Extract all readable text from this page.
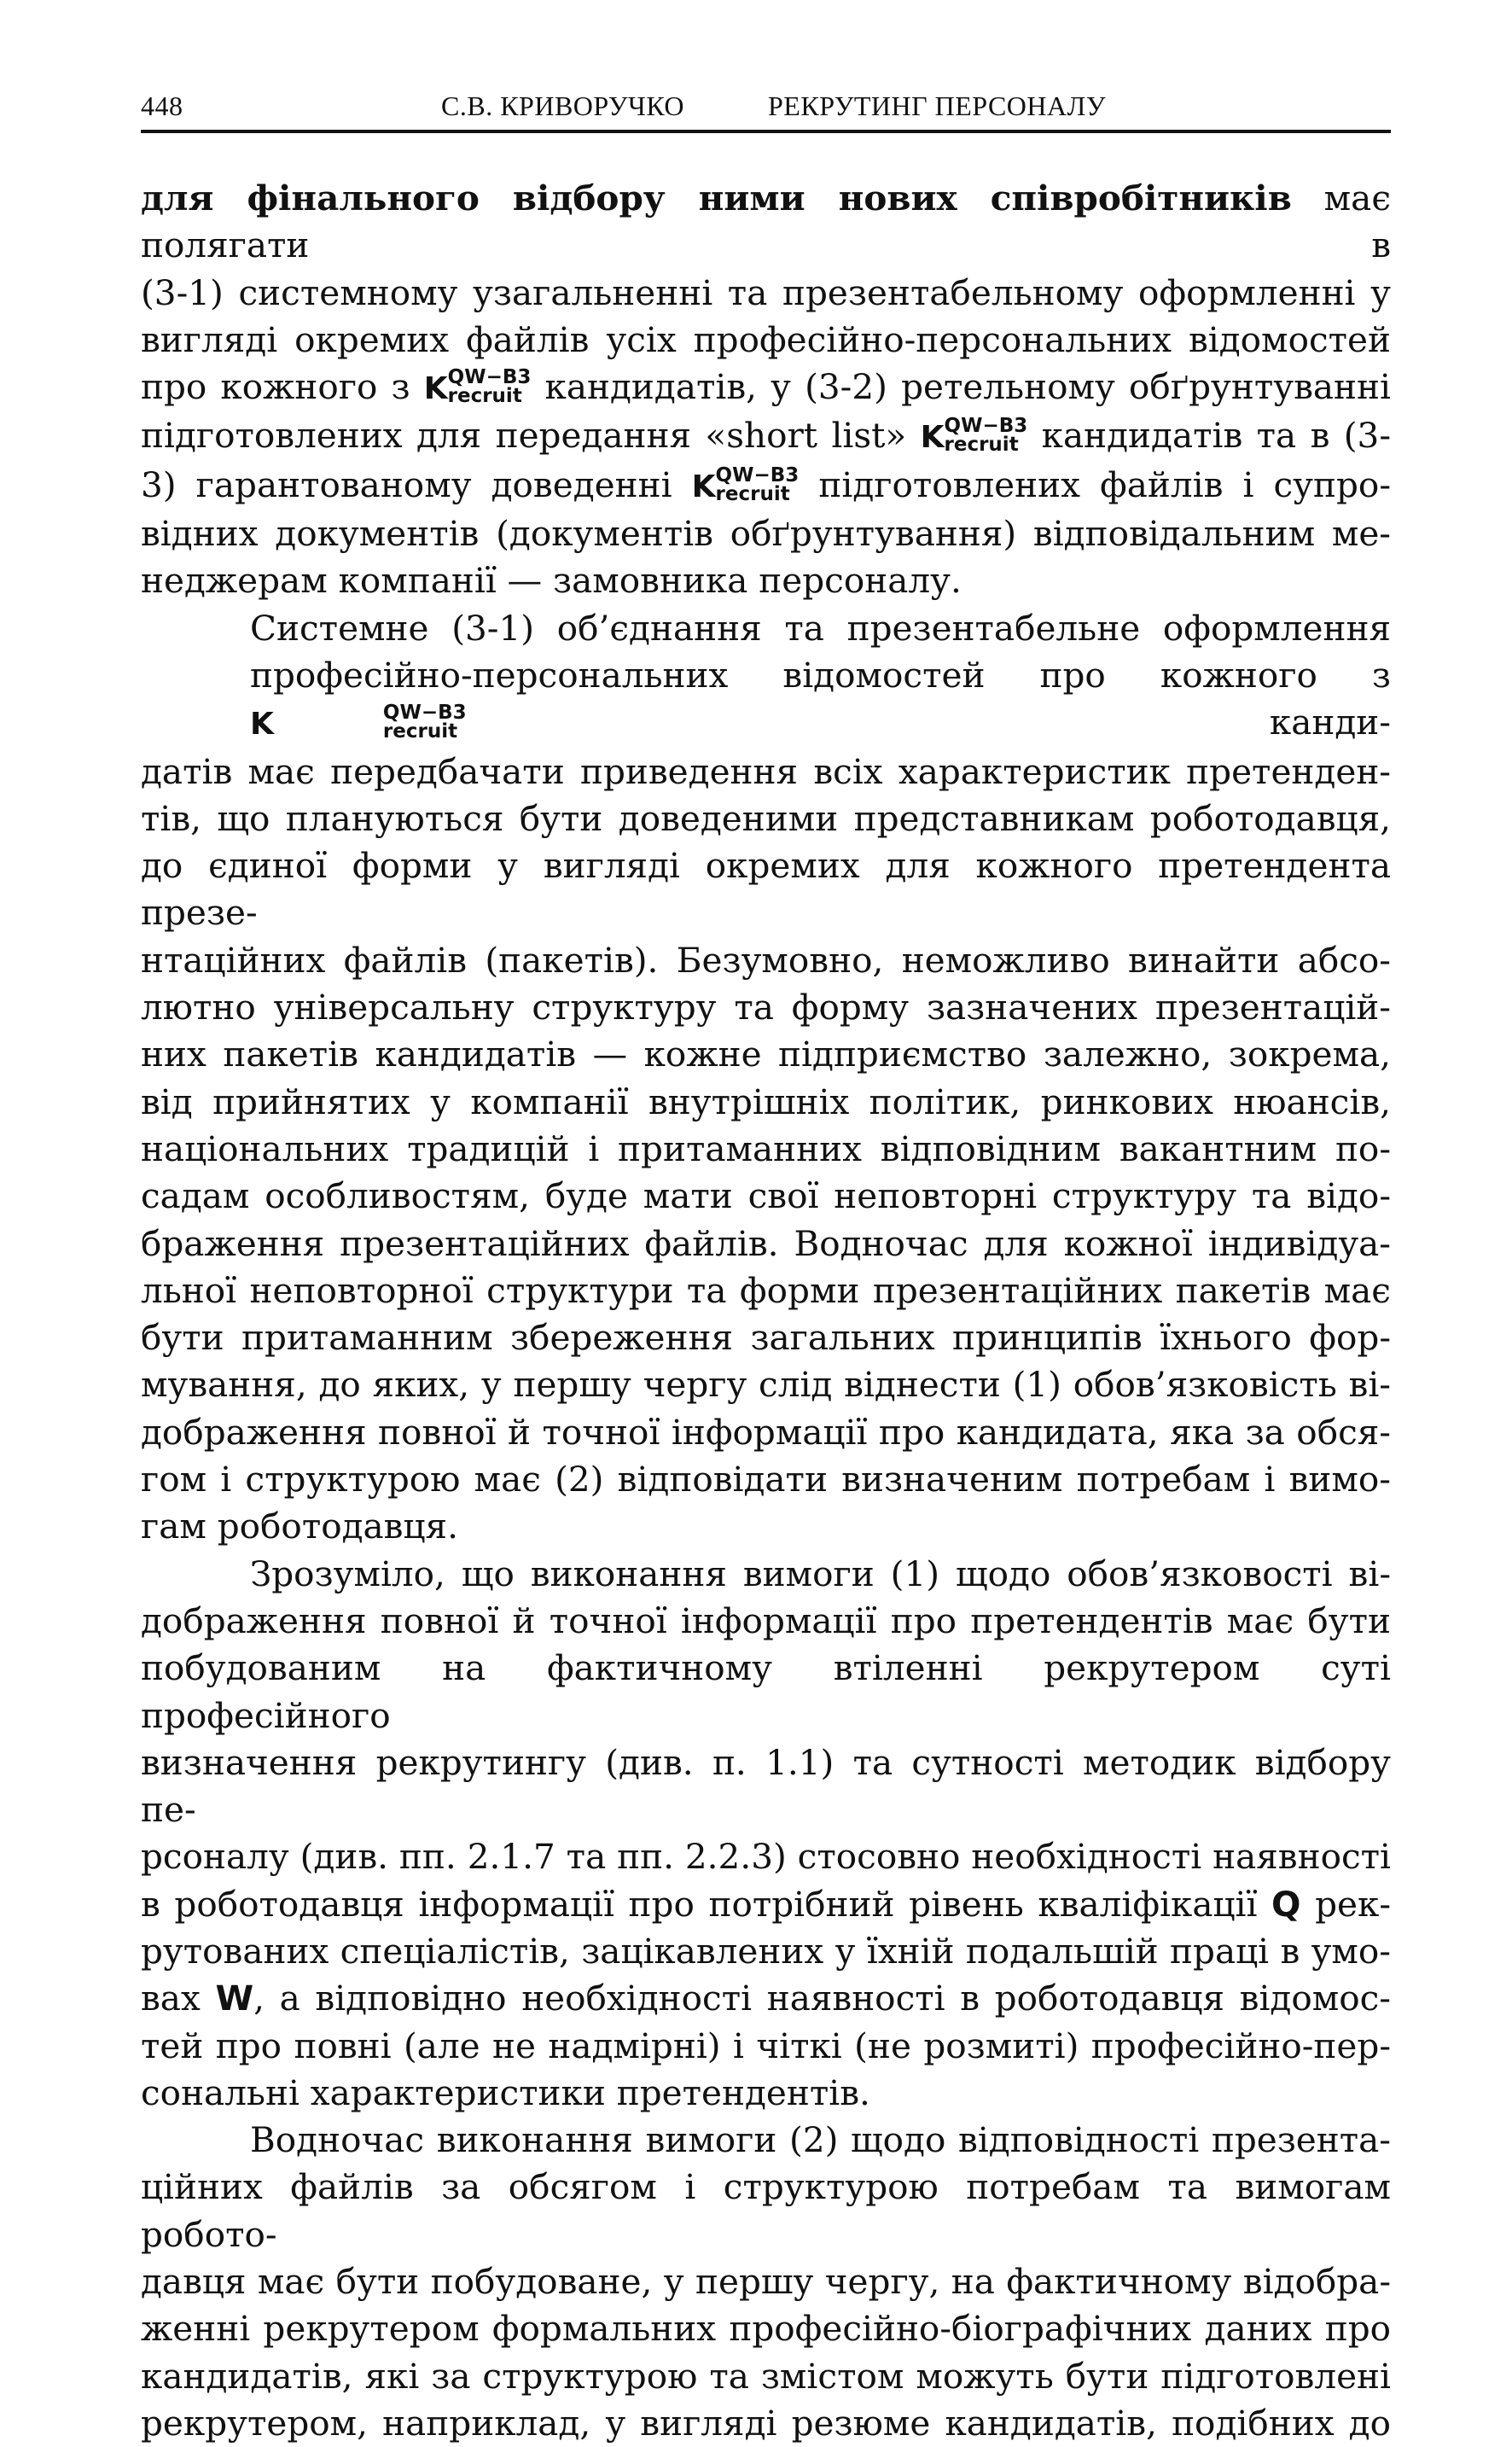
448	С.В. КРИВОРУЧКО	РЕКРУТИНГ ПЕРСОНАЛУ

для фінального відбору ними нових співробітників має полягати в
(3-1) системному узагальненні та презентабельному оформленні у
вигляді окремих файлів усіх професійно-персональних відомостей
про кожного з K QW−B3
recruit кандидатів, у (3-2) ретельному обґрунтуванні
підготовлених для передання «short list» K QW−B3
recruit кандидатів та в (3-
3) гарантованому доведенні K QW−B3
recruit підготовлених файлів і супро-
відних документів (документів обґрунтування) відповідальним ме-
неджерам компанії — замовника персоналу.

Системне (3-1) об’єднання та презентабельне оформлення
професійно-персональних відомостей про кожного з K	QW−B3
recruit	канди-
датів має передбачати приведення всіх характеристик претенден-
тів, що плануються бути доведеними представникам роботодавця,
до єдиної форми у вигляді окремих для кожного претендента презе-
нтаційних файлів (пакетів). Безумовно, неможливо винайти абсо-
лютно універсальну структуру та форму зазначених презентацій-
них пакетів кандидатів — кожне підприємство залежно, зокрема,
від прийнятих у компанії внутрішніх політик, ринкових нюансів,
національних традицій і притаманних відповідним вакантним по-
садам особливостям, буде мати свої неповторні структуру та відо-
браження презентаційних файлів. Водночас для кожної індивідуа-
льної неповторної структури та форми презентаційних пакетів має
бути притаманним збереження загальних принципів їхнього фор-
мування, до яких, у першу чергу слід віднести (1) обов’язковість ві-
дображення повної й точної інформації про кандидата, яка за обся-
гом і структурою має (2) відповідати визначеним потребам і вимо-
гам роботодавця.

Зрозуміло, що виконання вимоги (1) щодо обов’язковості ві-
дображення повної й точної інформації про претендентів має бути
побудованим на фактичному втіленні рекрутером суті професійного
визначення рекрутингу (див. п. 1.1) та сутності методик відбору пе-
рсоналу (див. пп. 2.1.7 та пп. 2.2.3) стосовно необхідності наявності
в роботодавця інформації про потрібний рівень кваліфікації Q рек-
рутованих спеціалістів, зацікавлених у їхній подальшій праці в умо-
вах W, а відповідно необхідності наявності в роботодавця відомос-
тей про повні (але не надмірні) і чіткі (не розмиті) професійно-пер-
сональні характеристики претендентів.

Водночас виконання вимоги (2) щодо відповідності презента-
ційних файлів за обсягом і структурою потребам та вимогам робото-
давця має бути побудоване, у першу чергу, на фактичному відобра-
женні рекрутером формальних професійно-біографічних даних про
кандидатів, які за структурою та змістом можуть бути підготовлені
рекрутером, наприклад, у вигляді резюме кандидатів, подібних до
